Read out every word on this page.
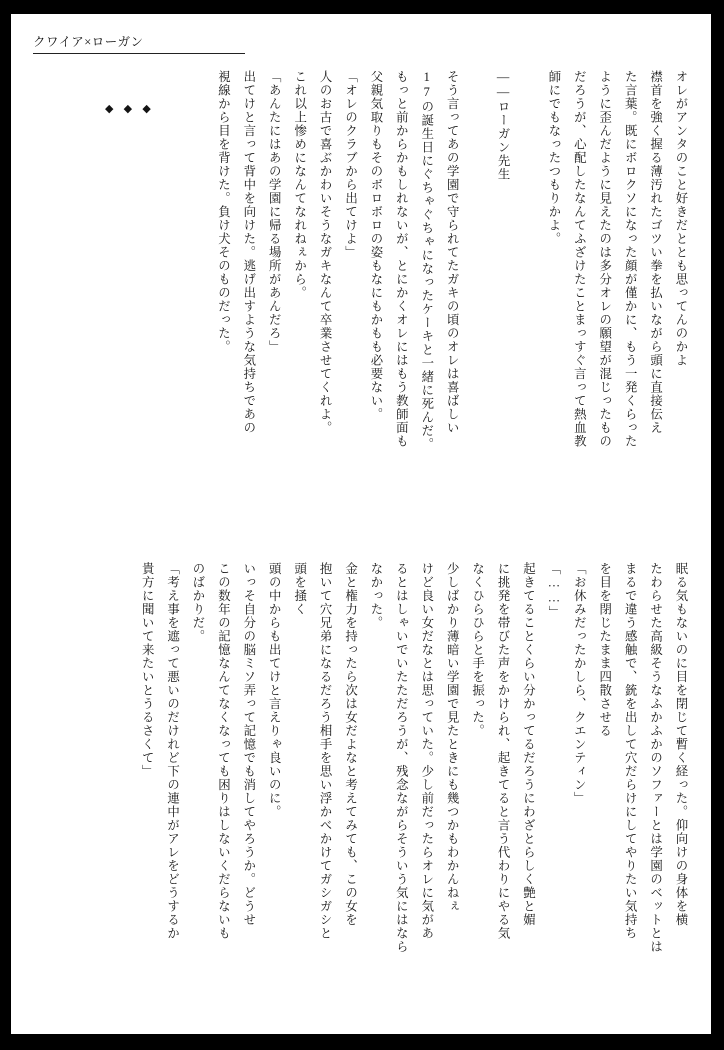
クワイア×ローガン

オレがアンタのこと好きだととも思ってんのかよ

襟首を強く握る薄汚れたゴツい拳を払いながら頭に直接伝え

た言葉。既にボロクソになった顔が僅かに、もう一発くらった

ように歪んだように見えたのは多分オレの願望が混じったもの

だろうが、心配したなんてふざけたことまっすぐ言って熱血教

師にでもなったつもりかよ。

――ローガン先生

そう言ってあの学園で守られてたガキの頃のオレは喜ばしい

17の誕生日にぐちゃぐちゃになったケーキと一緒に死んだ。

もっと前からかもしれないが、とにかくオレにはもう教師面も

父親気取りもそのボロボロの姿もなにもかもも必要ない。

「オレのクラブから出てけよ」

人のお古で喜ぶかわいそうなガキなんて卒業させてくれよ。

これ以上惨めになんてなれねぇから。

「あんたにはあの学園に帰る場所があんだろ」

出てけと言って背中を向けた。逃げ出すような気持ちであの

視線から目を背けた。負け犬そのものだった。

◆
◆
◆

眠る気もないのに目を閉じて暫く経った。仰向けの身体を横

たわらせた高級そうなふかふかのソファーとは学園のベットとは

まるで違う感触で、銃を出して穴だらけにしてやりたい気持ち

を目を閉じたまま四散させる

「お休みだったかしら、クエンティン」

「……」

起きてることくらい分かってるだろうにわざとらしく艶と媚

に挑発を帯びた声をかけられ、起きてると言う代わりにやる気

なくひらひらと手を振った。

少しばかり薄暗い学園で見たときにも幾つかもわかんねぇ

けど良い女だなとは思っていた。少し前だったらオレに気があ

るとはしゃいでいたただろうが、残念ながらそういう気にはなら

なかった。

金と権力を持ったら次は女だよなと考えてみても、この女を

抱いて穴兄弟になるだろう相手を思い浮かべかけてガシガシと

頭を掻く

頭の中からも出てけと言えりゃ良いのに。

いっそ自分の脳ミソ弄って記憶でも消してやろうか。どうせ

この数年の記憶なんてなくなっても困りはしないくだらないも

のばかりだ。

「考え事を遮って悪いのだけれど下の連中がアレをどうするか

貴方に聞いて来たいとうるさくて」
